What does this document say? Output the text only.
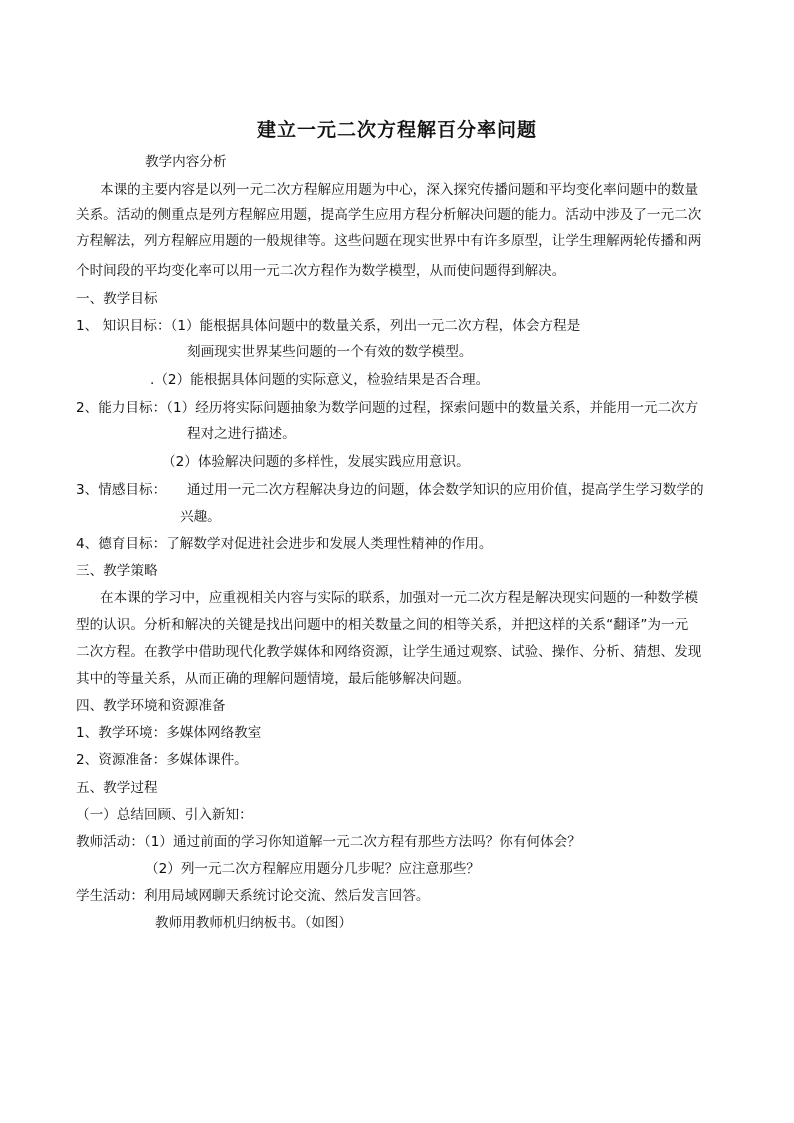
建立一元二次方程解百分率问题
教学内容分析
本课的主要内容是以列一元二次方程解应用题为中心，深入探究传播问题和平均变化率问题中的数量
关系。活动的侧重点是列方程解应用题，提高学生应用方程分析解决问题的能力。活动中涉及了一元二次
方程解法，列方程解应用题的一般规律等。这些问题在现实世界中有许多原型，让学生理解两轮传播和两
个时间段的平均变化率可以用一元二次方程作为数学模型，从而使问题得到解决。
一、教学目标
1、 知识目标：（1）能根据具体问题中的数量关系，列出一元二次方程，体会方程是
刻画现实世界某些问题的一个有效的数学模型。
.（2）能根据具体问题的实际意义，检验结果是否合理。
2、能力目标：（1）经历将实际问题抽象为数学问题的过程，探索问题中的数量关系，并能用一元二次方
程对之进行描述。
（2）体验解决问题的多样性，发展实践应用意识。
3、情感目标： 通过用一元二次方程解决身边的问题，体会数学知识的应用价值，提高学生学习数学的
兴趣。
4、德育目标：了解数学对促进社会进步和发展人类理性精神的作用。
三、教学策略
在本课的学习中，应重视相关内容与实际的联系，加强对一元二次方程是解决现实问题的一种数学模
型的认识。分析和解决的关键是找出问题中的相关数量之间的相等关系，并把这样的关系“翻译”为一元
二次方程。在教学中借助现代化教学媒体和网络资源，让学生通过观察、试验、操作、分析、猜想、发现
其中的等量关系，从而正确的理解问题情境，最后能够解决问题。
四、教学环境和资源准备
1、教学环境：多媒体网络教室
2、资源准备：多媒体课件。
五、教学过程
（一）总结回顾、引入新知：
教师活动：（1）通过前面的学习你知道解一元二次方程有那些方法吗？你有何体会？
（2）列一元二次方程解应用题分几步呢？应注意那些？
学生活动：利用局域网聊天系统讨论交流、然后发言回答。
教师用教师机归纳板书。（如图）
